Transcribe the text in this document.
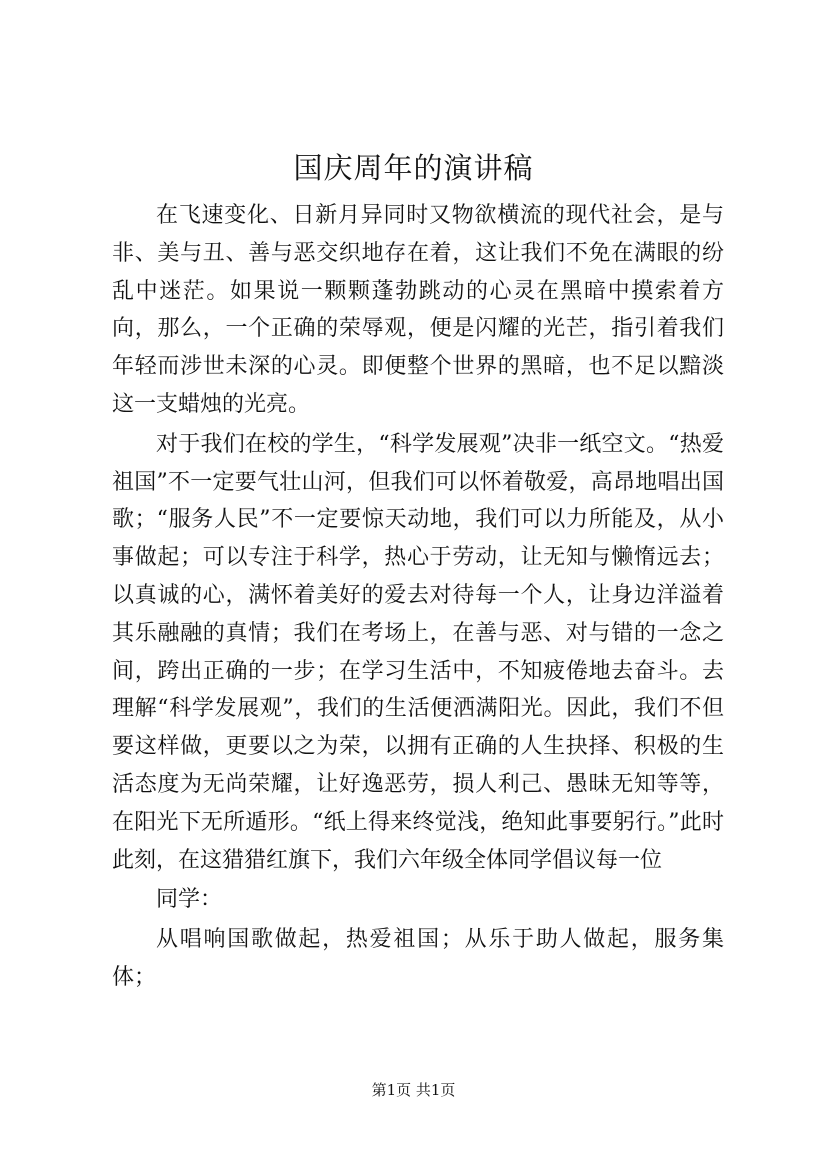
国庆周年的演讲稿

在飞速变化、日新月异同时又物欲横流的现代社会，是与非、美与丑、善与恶交织地存在着，这让我们不免在满眼的纷乱中迷茫。如果说一颗颗蓬勃跳动的心灵在黑暗中摸索着方向，那么，一个正确的荣辱观，便是闪耀的光芒，指引着我们年轻而涉世未深的心灵。即便整个世界的黑暗，也不足以黯淡这一支蜡烛的光亮。

对于我们在校的学生，“科学发展观”决非一纸空文。“热爱祖国”不一定要气壮山河，但我们可以怀着敬爱，高昂地唱出国歌；“服务人民”不一定要惊天动地，我们可以力所能及，从小事做起；可以专注于科学，热心于劳动，让无知与懒惰远去；以真诚的心，满怀着美好的爱去对待每一个人，让身边洋溢着其乐融融的真情；我们在考场上，在善与恶、对与错的一念之间，跨出正确的一步；在学习生活中，不知疲倦地去奋斗。去理解“科学发展观”，我们的生活便洒满阳光。因此，我们不但要这样做，更要以之为荣，以拥有正确的人生抉择、积极的生活态度为无尚荣耀，让好逸恶劳，损人利己、愚昧无知等等，在阳光下无所遁形。“纸上得来终觉浅，绝知此事要躬行。”此时此刻，在这猎猎红旗下，我们六年级全体同学倡议每一位

同学：

从唱响国歌做起，热爱祖国；从乐于助人做起，服务集体；

第1页 共1页
